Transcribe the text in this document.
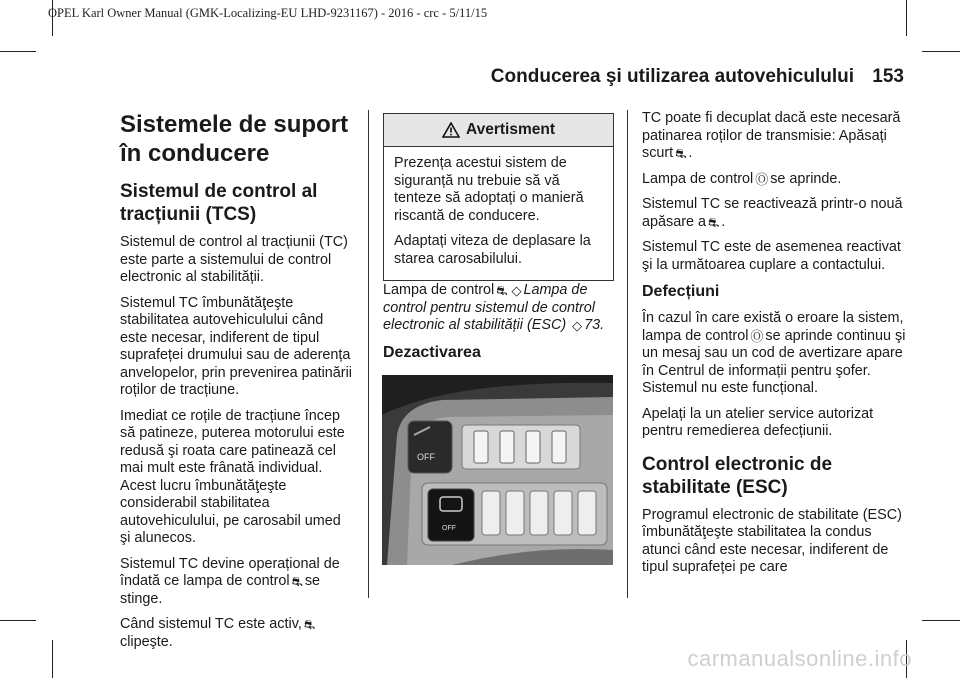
OPEL Karl Owner Manual (GMK-Localizing-EU LHD-9231167) - 2016 - crc - 5/11/15
Conducerea şi utilizarea autovehiculului 153
Sistemele de suport în conducere
Sistemul de control al tracțiunii (TCS)

Sistemul de control al tracțiunii (TC) este parte a sistemului de control electronic al stabilității.

Sistemul TC îmbunătăţeşte stabilitatea autovehiculului când este necesar, indiferent de tipul suprafeței drumului sau de aderența anvelopelor, prin prevenirea patinării roților de tracțiune.

Imediat ce roțile de tracțiune încep să patineze, puterea motorului este redusă şi roata care patinează cel mai mult este frânată individual. Acest lucru îmbunătăţeşte considerabil stabilitatea autovehiculului, pe carosabil umed şi alunecos.

Sistemul TC devine operațional de îndată ce lampa de control ⛐ se stinge.

Când sistemul TC este activ, ⛐clipeşte.

Avertisment

Prezența acestui sistem de siguranță nu trebuie să vă tenteze să adoptați o manieră riscantă de conducere.

Adaptați viteza de deplasare la starea carosabilului.

Lampa de control ⛐ ◇ Lampa de control pentru sistemul de control electronic al stabilității (ESC) ◇ 73.

Dezactivarea
OFF
OFF

TC poate fi decuplat dacă este necesară patinarea roților de transmisie: Apăsați scurt ⛐ .

Lampa de control Ⓞ se aprinde.

Sistemul TC se reactivează printr-o nouă apăsare a ⛐ .

Sistemul TC este de asemenea reactivat şi la următoarea cuplare a contactului.

Defecțiuni

În cazul în care există o eroare la sistem, lampa de control Ⓞ se aprinde continuu şi un mesaj sau un cod de avertizare apare în Centrul de informații pentru şofer. Sistemul nu este funcțional.

Apelați la un atelier service autorizat pentru remedierea defecțiunii.

Control electronic de stabilitate (ESC)

Programul electronic de stabilitate (ESC) îmbunătăţeşte stabilitatea la condus atunci când este necesar, indiferent de tipul suprafeței pe care

carmanualsonline.info
